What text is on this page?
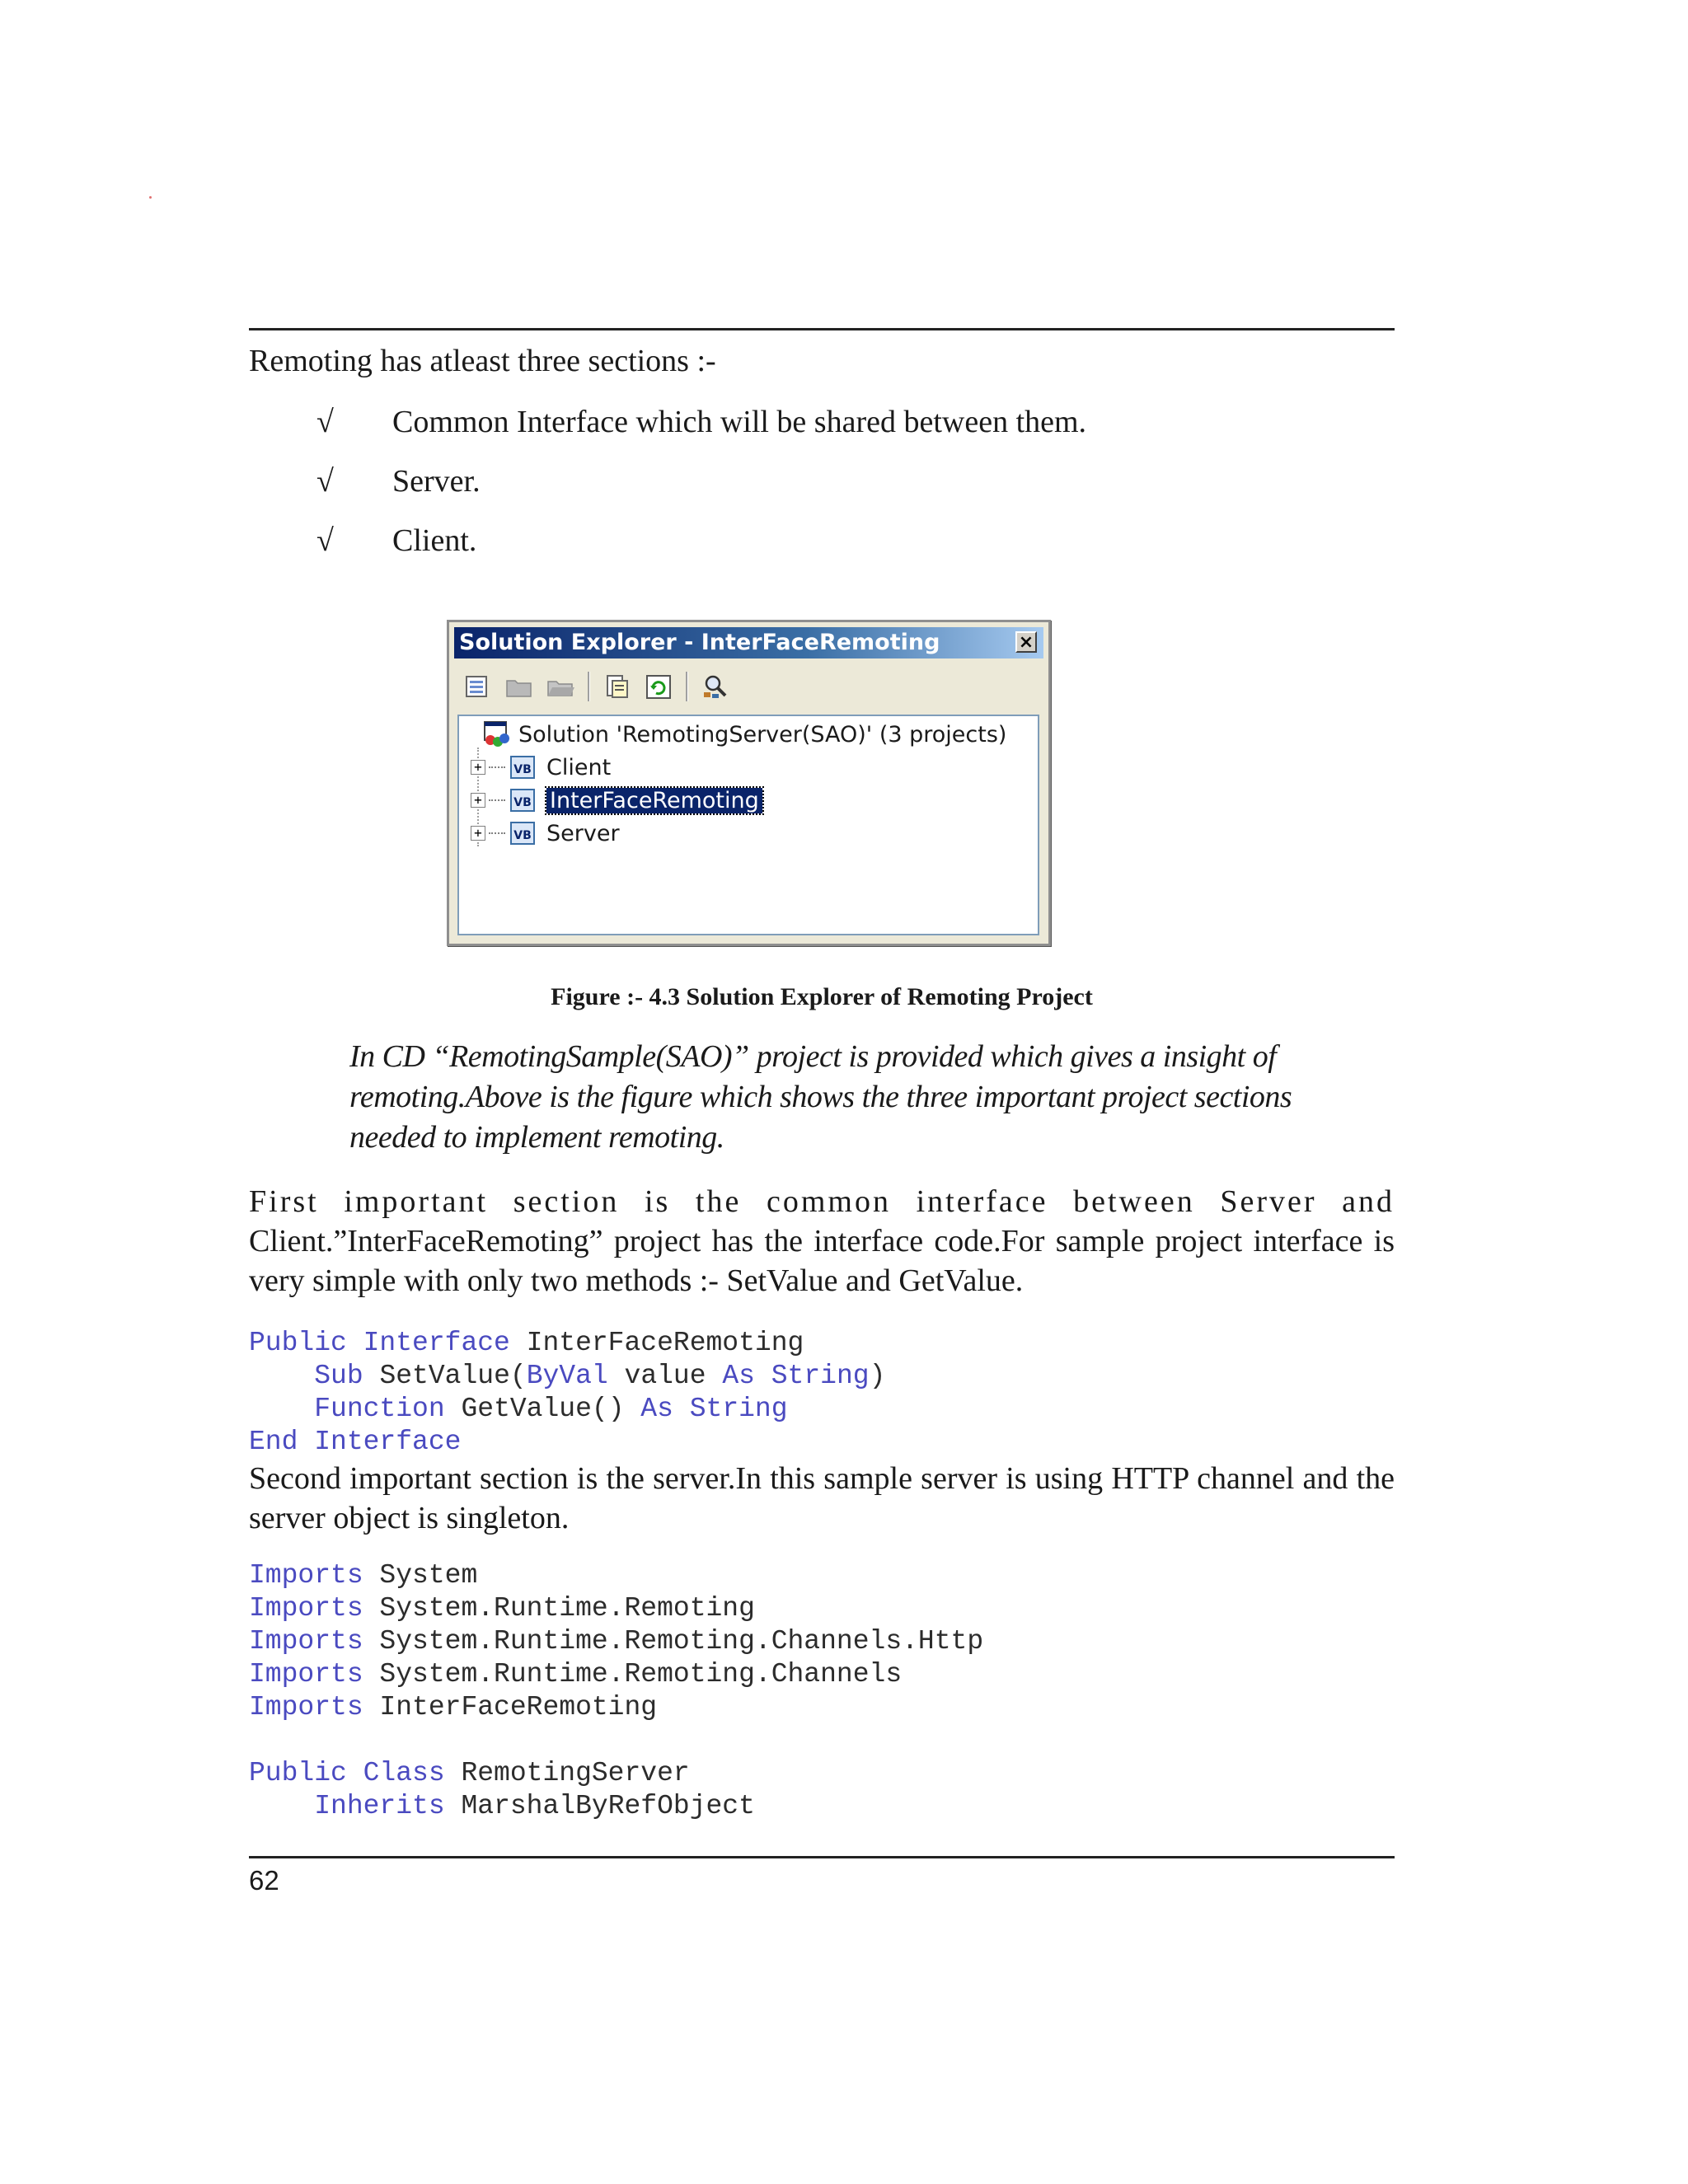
Remoting has atleast three sections :-
√	Common Interface which will be shared between them.
√	Server.
√	Client.
Solution Explorer - InterFaceRemoting	×
Solution 'RemotingServer(SAO)' (3 projects)
+	VB Client
+	VB InterFaceRemoting
+	VB Server
Figure :- 4.3 Solution Explorer of Remoting Project
In CD “RemotingSample(SAO)” project is provided which gives a insight of remoting.Above is the figure which shows the three important project sections needed to implement remoting.
First important section is the common interface between Server and
Client.”InterFaceRemoting” project has the interface code.For sample project interface is very simple with only two methods :- SetValue and GetValue.
Public Interface InterFaceRemoting
Sub SetValue(ByVal value As String)
Function GetValue() As String
End Interface
Second important section is the server.In this sample server is using HTTP channel and the server object is singleton.
Imports System
Imports System.Runtime.Remoting
Imports System.Runtime.Remoting.Channels.Http
Imports System.Runtime.Remoting.Channels
Imports InterFaceRemoting

Public Class RemotingServer
Inherits MarshalByRefObject
62
